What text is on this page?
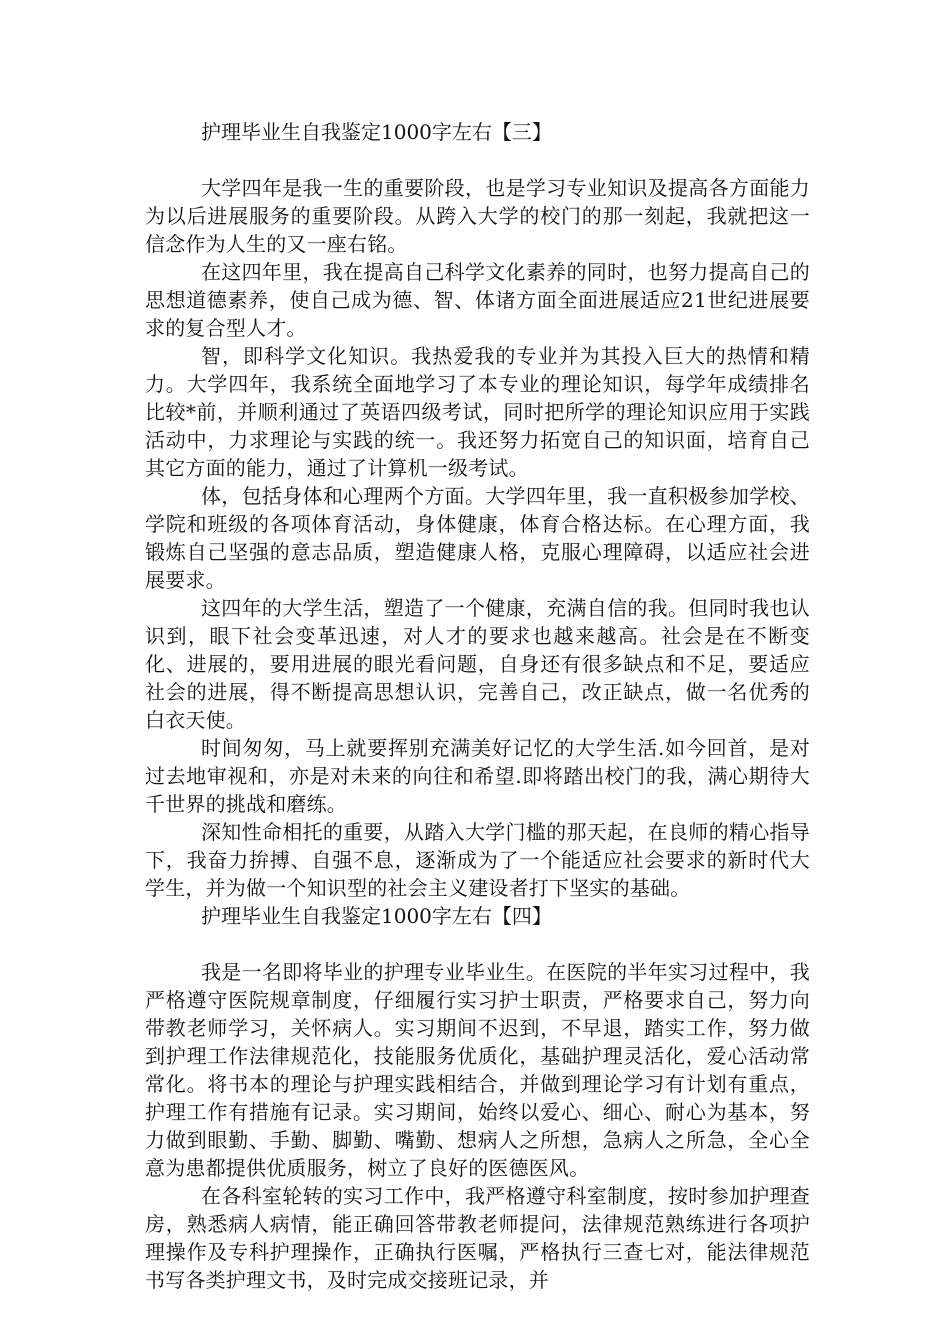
护理毕业生自我鉴定1000字左右【三】

大学四年是我一生的重要阶段，也是学习专业知识及提高各方面能力为以后进展服务的重要阶段。从跨入大学的校门的那一刻起，我就把这一信念作为人生的又一座右铭。

在这四年里，我在提高自己科学文化素养的同时，也努力提高自己的思想道德素养，使自己成为德、智、体诸方面全面进展适应21世纪进展要求的复合型人才。

智，即科学文化知识。我热爱我的专业并为其投入巨大的热情和精力。大学四年，我系统全面地学习了本专业的理论知识，每学年成绩排名比较*前，并顺利通过了英语四级考试，同时把所学的理论知识应用于实践活动中，力求理论与实践的统一。我还努力拓宽自己的知识面，培育自己其它方面的能力，通过了计算机一级考试。

体，包括身体和心理两个方面。大学四年里，我一直积极参加学校、学院和班级的各项体育活动，身体健康，体育合格达标。在心理方面，我锻炼自己坚强的意志品质，塑造健康人格，克服心理障碍，以适应社会进展要求。

这四年的大学生活，塑造了一个健康，充满自信的我。但同时我也认识到，眼下社会变革迅速，对人才的要求也越来越高。社会是在不断变化、进展的，要用进展的眼光看问题，自身还有很多缺点和不足，要适应社会的进展，得不断提高思想认识，完善自己，改正缺点，做一名优秀的白衣天使。

时间匆匆，马上就要挥别充满美好记忆的大学生活.如今回首，是对过去地审视和，亦是对未来的向往和希望.即将踏出校门的我，满心期待大千世界的挑战和磨练。

深知性命相托的重要，从踏入大学门槛的那天起，在良师的精心指导下，我奋力拚搏、自强不息，逐渐成为了一个能适应社会要求的新时代大学生，并为做一个知识型的社会主义建设者打下坚实的基础。

护理毕业生自我鉴定1000字左右【四】

我是一名即将毕业的护理专业毕业生。在医院的半年实习过程中，我严格遵守医院规章制度，仔细履行实习护士职责，严格要求自己，努力向带教老师学习，关怀病人。实习期间不迟到，不早退，踏实工作，努力做到护理工作法律规范化，技能服务优质化，基础护理灵活化，爱心活动常常化。将书本的理论与护理实践相结合，并做到理论学习有计划有重点，护理工作有措施有记录。实习期间，始终以爱心、细心、耐心为基本，努力做到眼勤、手勤、脚勤、嘴勤、想病人之所想，急病人之所急，全心全意为患都提供优质服务，树立了良好的医德医风。

在各科室轮转的实习工作中，我严格遵守科室制度，按时参加护理查房，熟悉病人病情，能正确回答带教老师提问，法律规范熟练进行各项护理操作及专科护理操作，正确执行医嘱，严格执行三查七对，能法律规范书写各类护理文书，及时完成交接班记录，并
